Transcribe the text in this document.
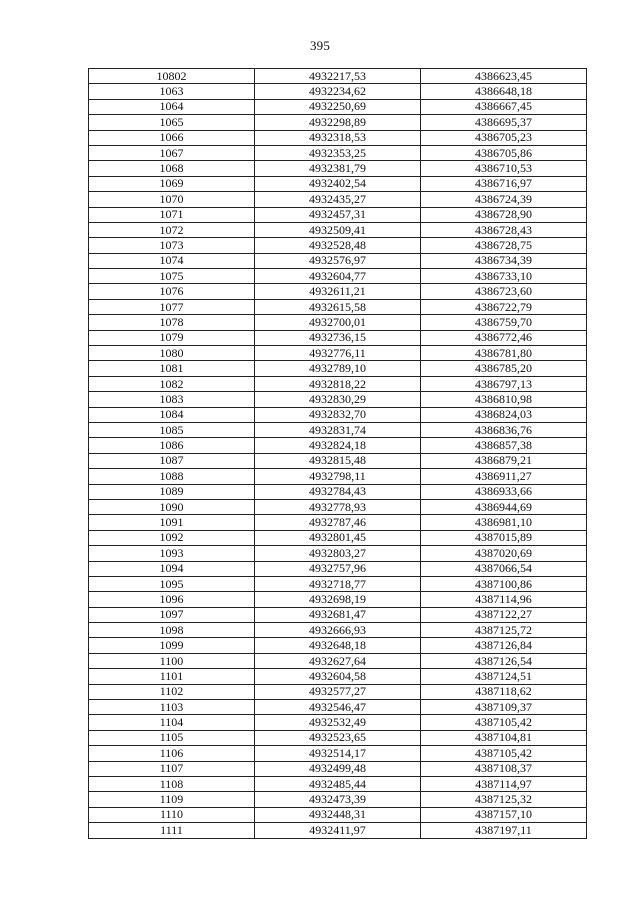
395
10802	4932217,53	4386623,45
1063	4932234,62	4386648,18
1064	4932250,69	4386667,45
1065	4932298,89	4386695,37
1066	4932318,53	4386705,23
1067	4932353,25	4386705,86
1068	4932381,79	4386710,53
1069	4932402,54	4386716,97
1070	4932435,27	4386724,39
1071	4932457,31	4386728,90
1072	4932509,41	4386728,43
1073	4932528,48	4386728,75
1074	4932576,97	4386734,39
1075	4932604,77	4386733,10
1076	4932611,21	4386723,60
1077	4932615,58	4386722,79
1078	4932700,01	4386759,70
1079	4932736,15	4386772,46
1080	4932776,11	4386781,80
1081	4932789,10	4386785,20
1082	4932818,22	4386797,13
1083	4932830,29	4386810,98
1084	4932832,70	4386824,03
1085	4932831,74	4386836,76
1086	4932824,18	4386857,38
1087	4932815,48	4386879,21
1088	4932798,11	4386911,27
1089	4932784,43	4386933,66
1090	4932778,93	4386944,69
1091	4932787,46	4386981,10
1092	4932801,45	4387015,89
1093	4932803,27	4387020,69
1094	4932757,96	4387066,54
1095	4932718,77	4387100,86
1096	4932698,19	4387114,96
1097	4932681,47	4387122,27
1098	4932666,93	4387125,72
1099	4932648,18	4387126,84
1100	4932627,64	4387126,54
1101	4932604,58	4387124,51
1102	4932577,27	4387118,62
1103	4932546,47	4387109,37
1104	4932532,49	4387105,42
1105	4932523,65	4387104,81
1106	4932514,17	4387105,42
1107	4932499,48	4387108,37
1108	4932485,44	4387114,97
1109	4932473,39	4387125,32
1110	4932448,31	4387157,10
1111	4932411,97	4387197,11
